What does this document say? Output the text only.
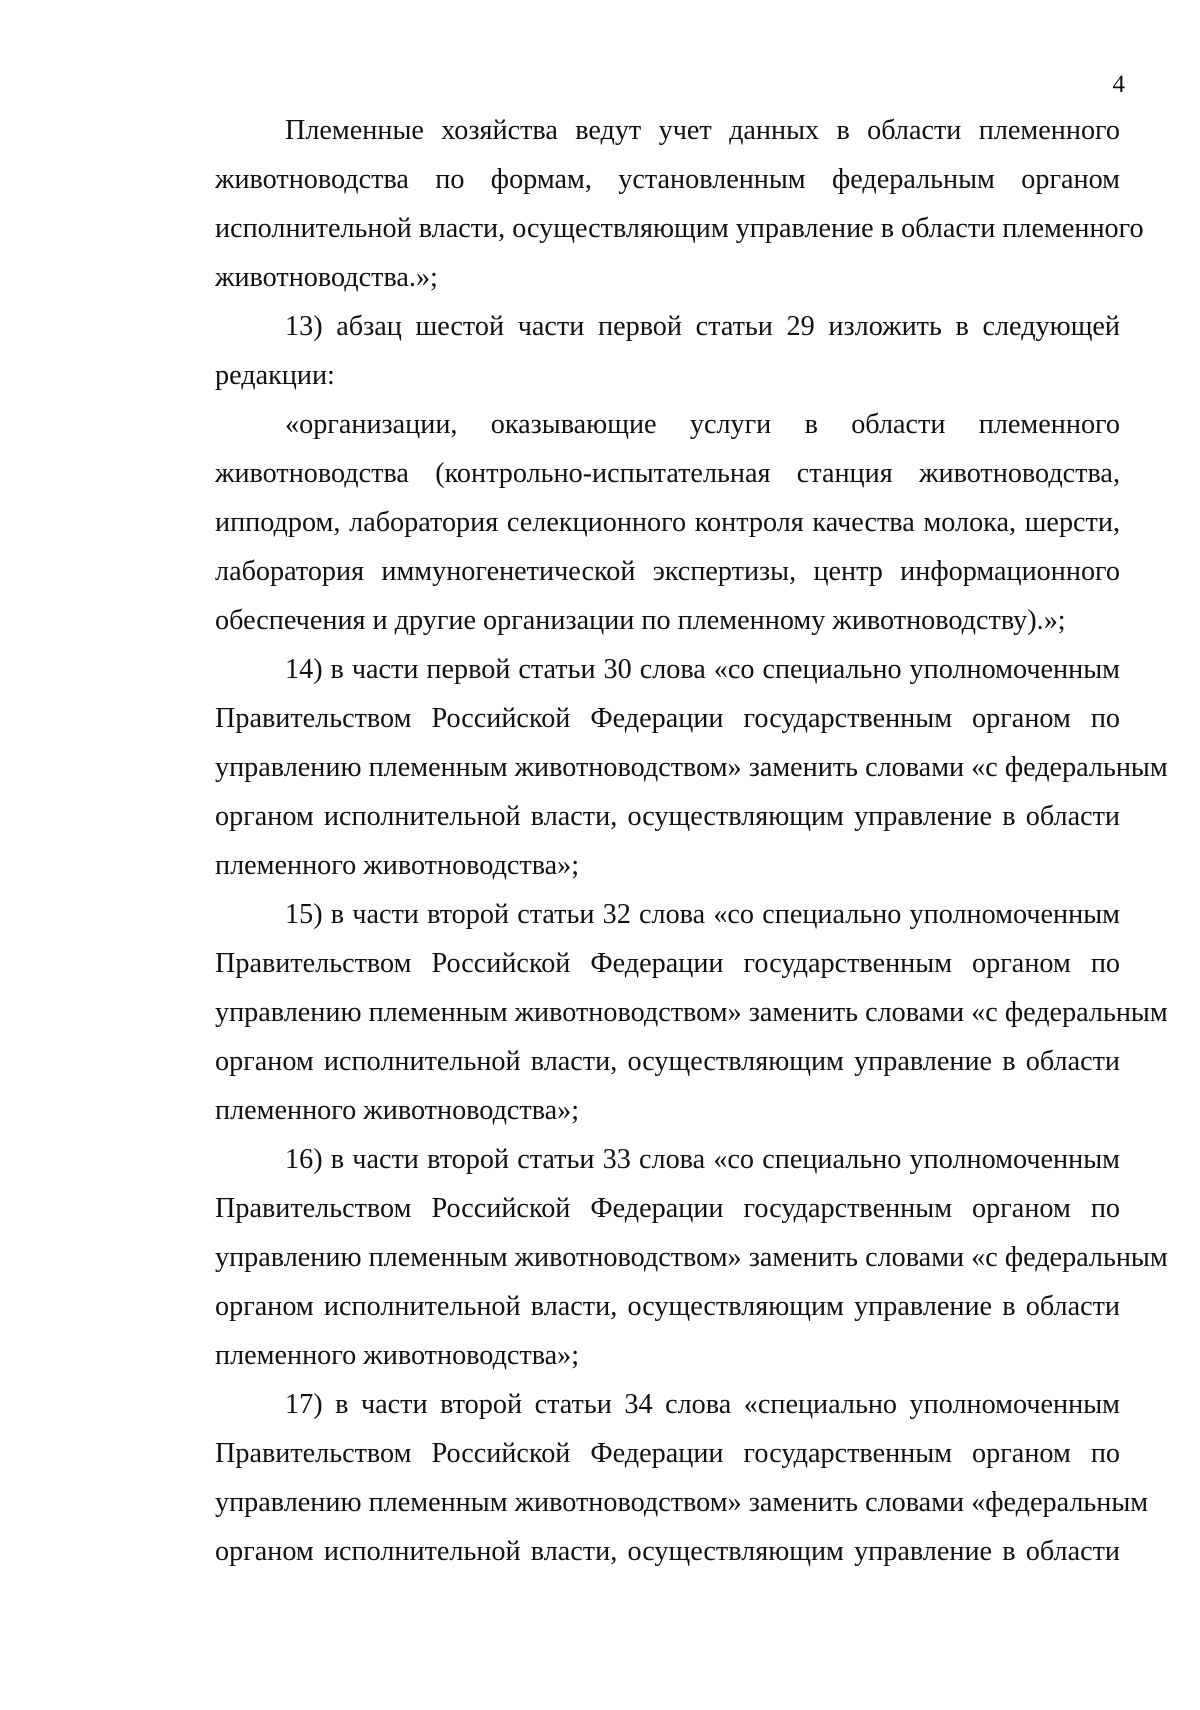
4
Племенные хозяйства ведут учет данных в области племенного
животноводства по формам, установленным федеральным органом
исполнительной власти, осуществляющим управление в области племенного
животноводства.»;
13) абзац шестой части первой статьи 29 изложить в следующей
редакции:
«организации, оказывающие услуги в области племенного
животноводства (контрольно-испытательная станция животноводства,
ипподром, лаборатория селекционного контроля качества молока, шерсти,
лаборатория иммуногенетической экспертизы, центр информационного
обеспечения и другие организации по племенному животноводству).»;
14) в части первой статьи 30 слова «со специально уполномоченным
Правительством Российской Федерации государственным органом по
управлению племенным животноводством» заменить словами «с федеральным
органом исполнительной власти, осуществляющим управление в области
племенного животноводства»;
15) в части второй статьи 32 слова «со специально уполномоченным
Правительством Российской Федерации государственным органом по
управлению племенным животноводством» заменить словами «с федеральным
органом исполнительной власти, осуществляющим управление в области
племенного животноводства»;
16) в части второй статьи 33 слова «со специально уполномоченным
Правительством Российской Федерации государственным органом по
управлению племенным животноводством» заменить словами «с федеральным
органом исполнительной власти, осуществляющим управление в области
племенного животноводства»;
17) в части второй статьи 34 слова «специально уполномоченным
Правительством Российской Федерации государственным органом по
управлению племенным животноводством» заменить словами «федеральным
органом исполнительной власти, осуществляющим управление в области
